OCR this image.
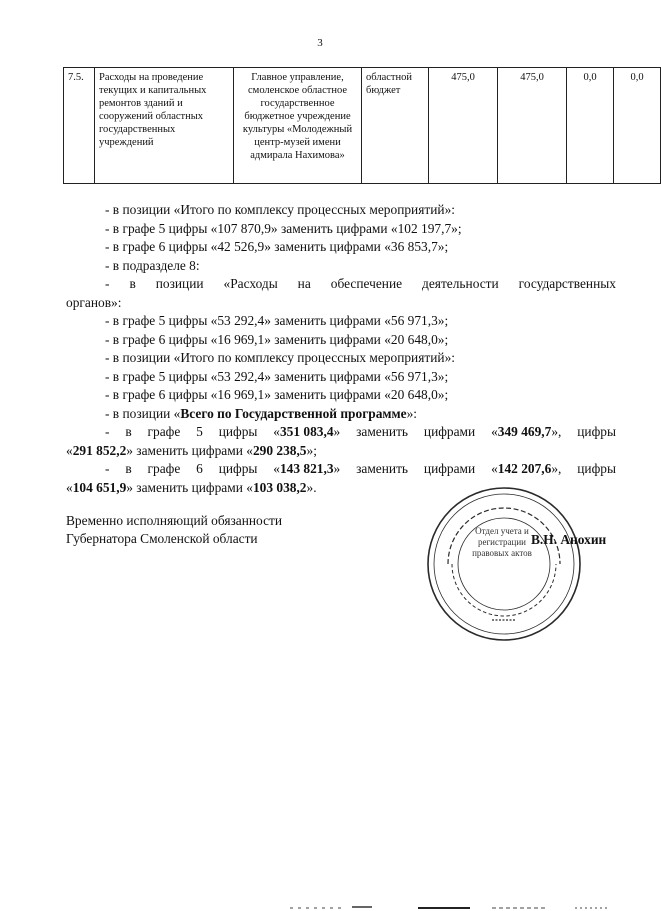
3
7.5.	Расходы на проведение текущих и капитальных ремонтов зданий и сооружений областных государственных учреждений	Главное управление, смоленское областное государственное бюджетное учреждение культуры «Молодежный центр-музей имени адмирала Нахимова»	областной бюджет	475,0	475,0	0,0	0,0
- в позиции «Итого по комплексу процессных мероприятий»:
- в графе 5 цифры «107 870,9» заменить цифрами «102 197,7»;
- в графе 6 цифры «42 526,9» заменить цифрами «36 853,7»;
- в подразделе 8:
- в позиции «Расходы на обеспечение деятельности государственных
органов»:
- в графе 5 цифры «53 292,4» заменить цифрами «56 971,3»;
- в графе 6 цифры «16 969,1» заменить цифрами «20 648,0»;
- в позиции «Итого по комплексу процессных мероприятий»:
- в графе 5 цифры «53 292,4» заменить цифрами «56 971,3»;
- в графе 6 цифры «16 969,1» заменить цифрами «20 648,0»;
- в позиции «Всего по Государственной программе»:
- в графе 5 цифры «351 083,4» заменить цифрами «349 469,7», цифры
«291 852,2» заменить цифрами «290 238,5»;
- в графе 6 цифры «143 821,3» заменить цифрами «142 207,6», цифры
«104 651,9» заменить цифрами «103 038,2».
Временно исполняющий обязанности
Губернатора Смоленской области	Отдел учета и регистрации правовых актов
В.Н. Анохин
